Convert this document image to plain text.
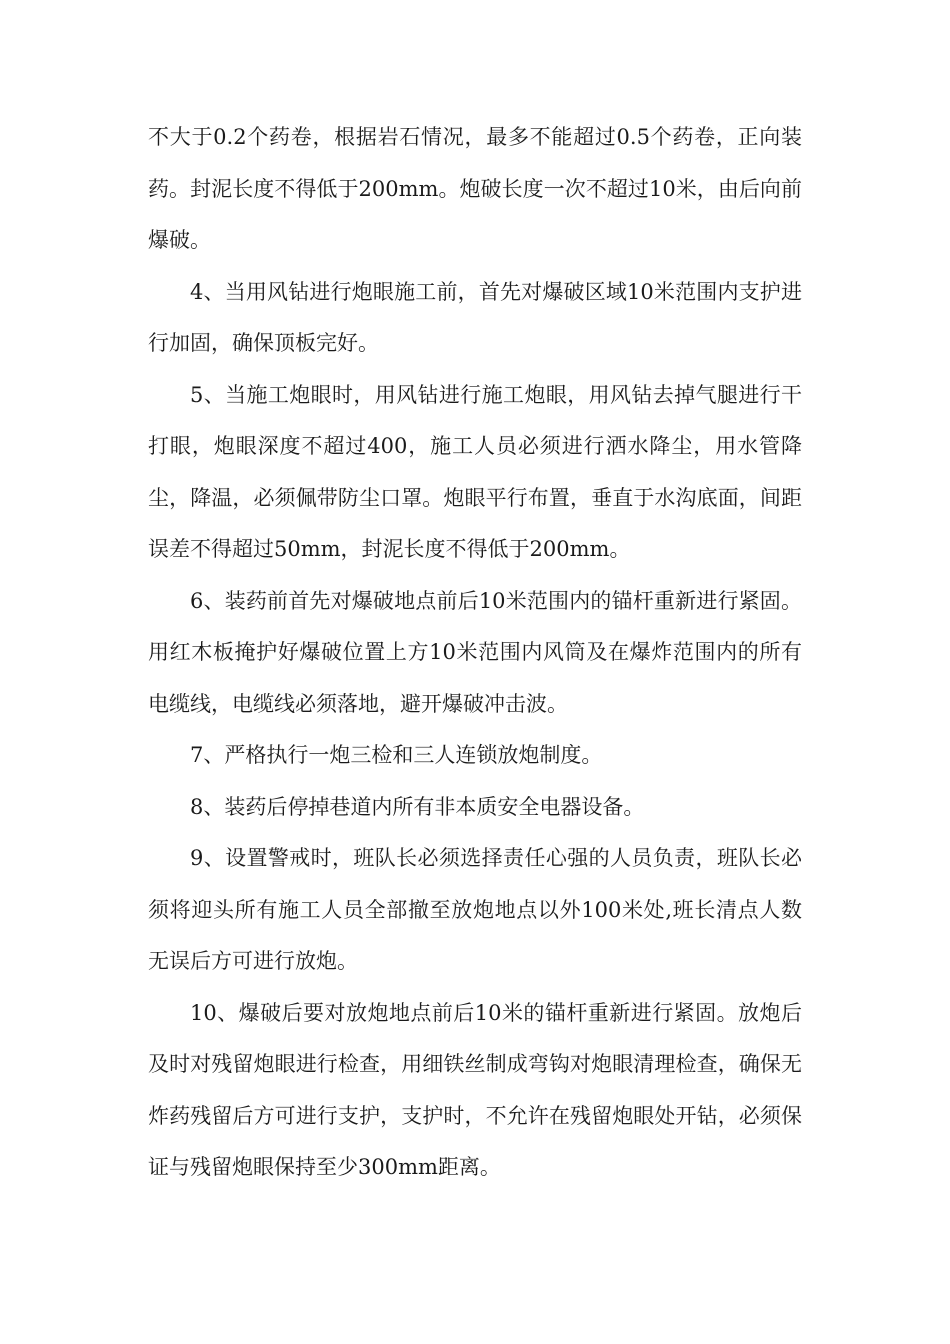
不大于0.2个药卷，根据岩石情况，最多不能超过0.5个药卷，正向装药。封泥长度不得低于200mm。炮破长度一次不超过10米，由后向前爆破。

4、当用风钻进行炮眼施工前，首先对爆破区域10米范围内支护进行加固，确保顶板完好。

5、当施工炮眼时，用风钻进行施工炮眼，用风钻去掉气腿进行干打眼，炮眼深度不超过400，施工人员必须进行洒水降尘，用水管降尘，降温，必须佩带防尘口罩。炮眼平行布置，垂直于水沟底面，间距误差不得超过50mm，封泥长度不得低于200mm。

6、装药前首先对爆破地点前后10米范围内的锚杆重新进行紧固。用红木板掩护好爆破位置上方10米范围内风筒及在爆炸范围内的所有电缆线，电缆线必须落地，避开爆破冲击波。

7、严格执行一炮三检和三人连锁放炮制度。

8、装药后停掉巷道内所有非本质安全电器设备。

9、设置警戒时，班队长必须选择责任心强的人员负责，班队长必须将迎头所有施工人员全部撤至放炮地点以外100米处,班长清点人数无误后方可进行放炮。

10、爆破后要对放炮地点前后10米的锚杆重新进行紧固。放炮后及时对残留炮眼进行检查，用细铁丝制成弯钩对炮眼清理检查，确保无炸药残留后方可进行支护，支护时，不允许在残留炮眼处开钻，必须保证与残留炮眼保持至少300mm距离。
